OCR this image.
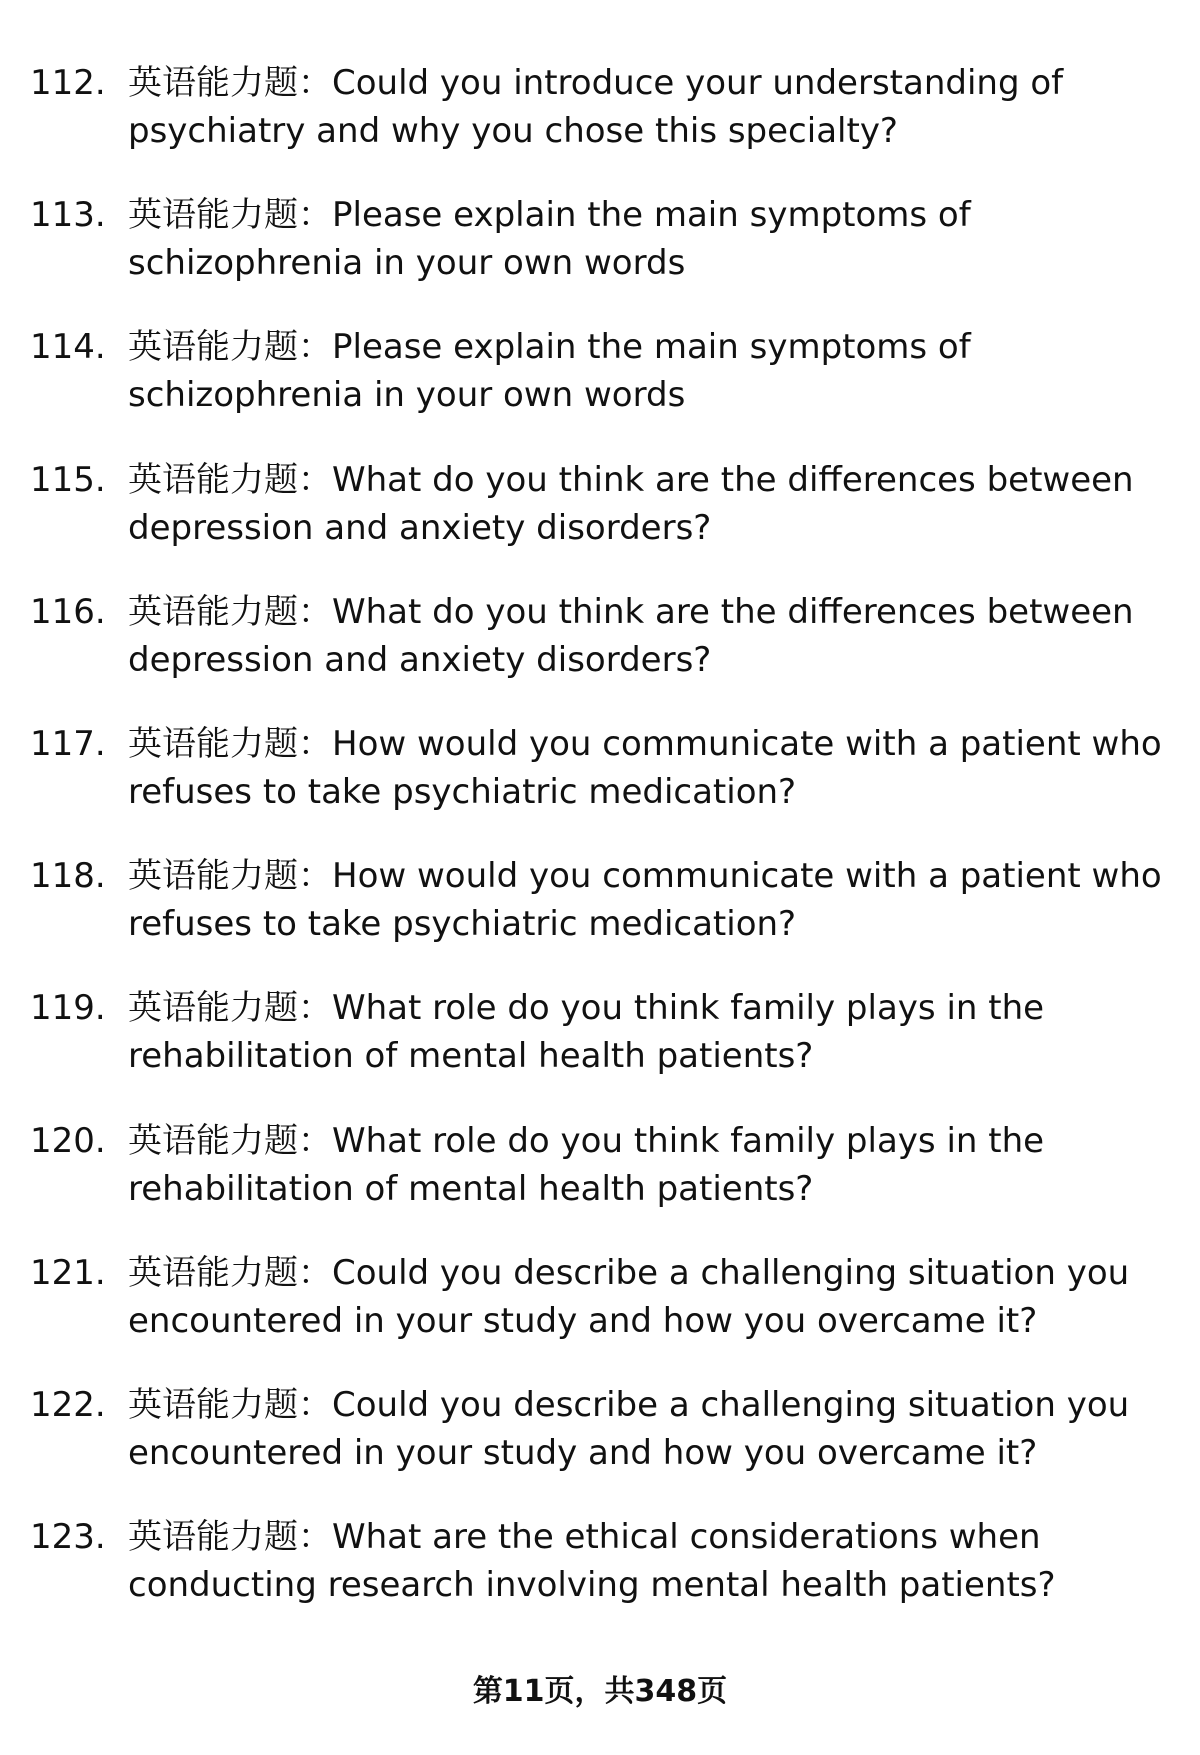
112. 英语能力题：Could you introduce your understanding of psychiatry and why you chose this specialty?
113. 英语能力题：Please explain the main symptoms of schizophrenia in your own words
114. 英语能力题：Please explain the main symptoms of schizophrenia in your own words
115. 英语能力题：What do you think are the differences between depression and anxiety disorders?
116. 英语能力题：What do you think are the differences between depression and anxiety disorders?
117. 英语能力题：How would you communicate with a patient who refuses to take psychiatric medication?
118. 英语能力题：How would you communicate with a patient who refuses to take psychiatric medication?
119. 英语能力题：What role do you think family plays in the rehabilitation of mental health patients?
120. 英语能力题：What role do you think family plays in the rehabilitation of mental health patients?
121. 英语能力题：Could you describe a challenging situation you encountered in your study and how you overcame it?
122. 英语能力题：Could you describe a challenging situation you encountered in your study and how you overcame it?
123. 英语能力题：What are the ethical considerations when conducting research involving mental health patients?
第11页，共348页
